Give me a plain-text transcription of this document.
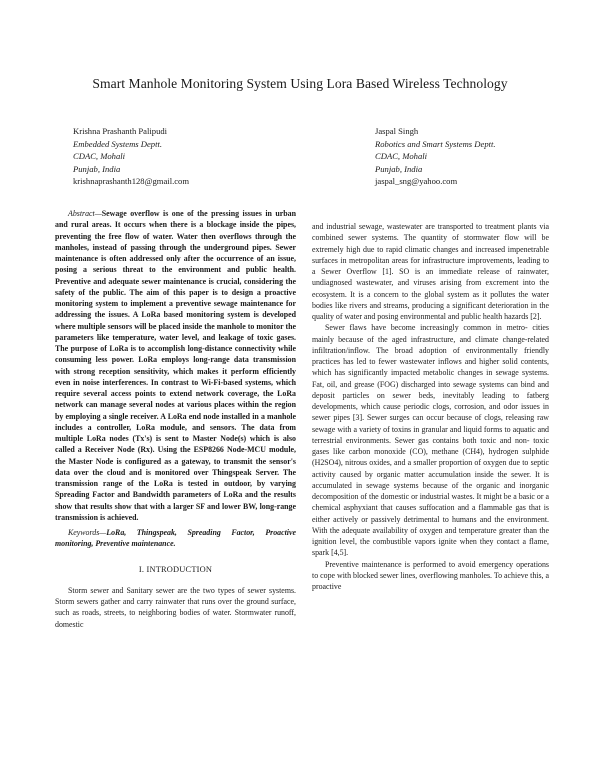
Smart Manhole Monitoring System Using Lora Based Wireless Technology
Krishna Prashanth Palipudi
Embedded Systems Deptt.
CDAC, Mohali
Punjab, India
krishnaprashanth128@gmail.com
Jaspal Singh
Robotics and Smart Systems Deptt.
CDAC, Mohali
Punjab, India
jaspal_sng@yahoo.com

Abstract—Sewage overflow is one of the pressing issues in urban and rural areas. It occurs when there is a blockage inside the pipes, preventing the free flow of water. Water then overflows through the manholes, instead of passing through the underground pipes. Sewer maintenance is often addressed only after the occurrence of an issue, posing a serious threat to the environment and public health. Preventive and adequate sewer maintenance is crucial, considering the safety of the public. The aim of this paper is to design a proactive monitoring system to implement a preventive sewage maintenance for addressing the issues. A LoRa based monitoring system is developed where multiple sensors will be placed inside the manhole to monitor the parameters like temperature, water level, and leakage of toxic gases. The purpose of LoRa is to accomplish long-distance connectivity while consuming less power. LoRa employs long-range data transmission with strong reception sensitivity, which makes it perform efficiently even in noise interferences. In contrast to Wi-Fi-based systems, which require several access points to extend network coverage, the LoRa network can manage several nodes at various places within the region by employing a single receiver. A LoRa end node installed in a manhole includes a controller, LoRa module, and sensors. The data from multiple LoRa nodes (Tx's) is sent to Master Node(s) which is also called a Receiver Node (Rx). Using the ESP8266 Node-MCU module, the Master Node is configured as a gateway, to transmit the sensor's data over the cloud and is monitored over Thingspeak Server. The transmission range of the LoRa is tested in outdoor, by varying Spreading Factor and Bandwidth parameters of LoRa and the results show that results show that with a larger SF and lower BW, long-range transmission is achieved.

Keywords—LoRa, Thingspeak, Spreading Factor, Proactive monitoring, Preventive maintenance.

I. INTRODUCTION

Storm sewer and Sanitary sewer are the two types of sewer systems. Storm sewers gather and carry rainwater that runs over the ground surface, such as roads, streets, to neighboring bodies of water. Stormwater runoff, domestic

and industrial sewage, wastewater are transported to treatment plants via combined sewer systems. The quantity of stormwater flow will be extremely high due to rapid climatic changes and increased impenetrable surfaces in metropolitan areas for infrastructure improvements, leading to a Sewer Overflow [1]. SO is an immediate release of rainwater, undiagnosed wastewater, and viruses arising from excrement into the ecosystem. It is a concern to the global system as it pollutes the water bodies like rivers and streams, producing a significant deterioration in the quality of water and posing environmental and public health hazards [2].

Sewer flaws have become increasingly common in metro- cities mainly because of the aged infrastructure, and climate change-related infiltration/inflow. The broad adoption of environmentally friendly practices has led to fewer wastewater inflows and higher solid contents, which has significantly impacted metabolic changes in sewage systems. Fat, oil, and grease (FOG) discharged into sewage systems can bind and deposit particles on sewer beds, inevitably leading to fatberg developments, which cause periodic clogs, corrosion, and odor issues in sewer pipes [3]. Sewer surges can occur because of clogs, releasing raw sewage with a variety of toxins in granular and liquid forms to aquatic and terrestrial environments. Sewer gas contains both toxic and non- toxic gases like carbon monoxide (CO), methane (CH4), hydrogen sulphide (H2SO4), nitrous oxides, and a smaller proportion of oxygen due to septic activity caused by organic matter accumulation inside the sewer. It is accumulated in sewage systems because of the organic and inorganic decomposition of the domestic or industrial wastes. It might be a basic or a chemical asphyxiant that causes suffocation and a flammable gas that is either actively or passively detrimental to humans and the environment. With the adequate availability of oxygen and temperature greater than the ignition level, the combustible vapors ignite when they contact a flame, spark [4,5].

Preventive maintenance is performed to avoid emergency operations to cope with blocked sewer lines, overflowing manholes. To achieve this, a proactive
